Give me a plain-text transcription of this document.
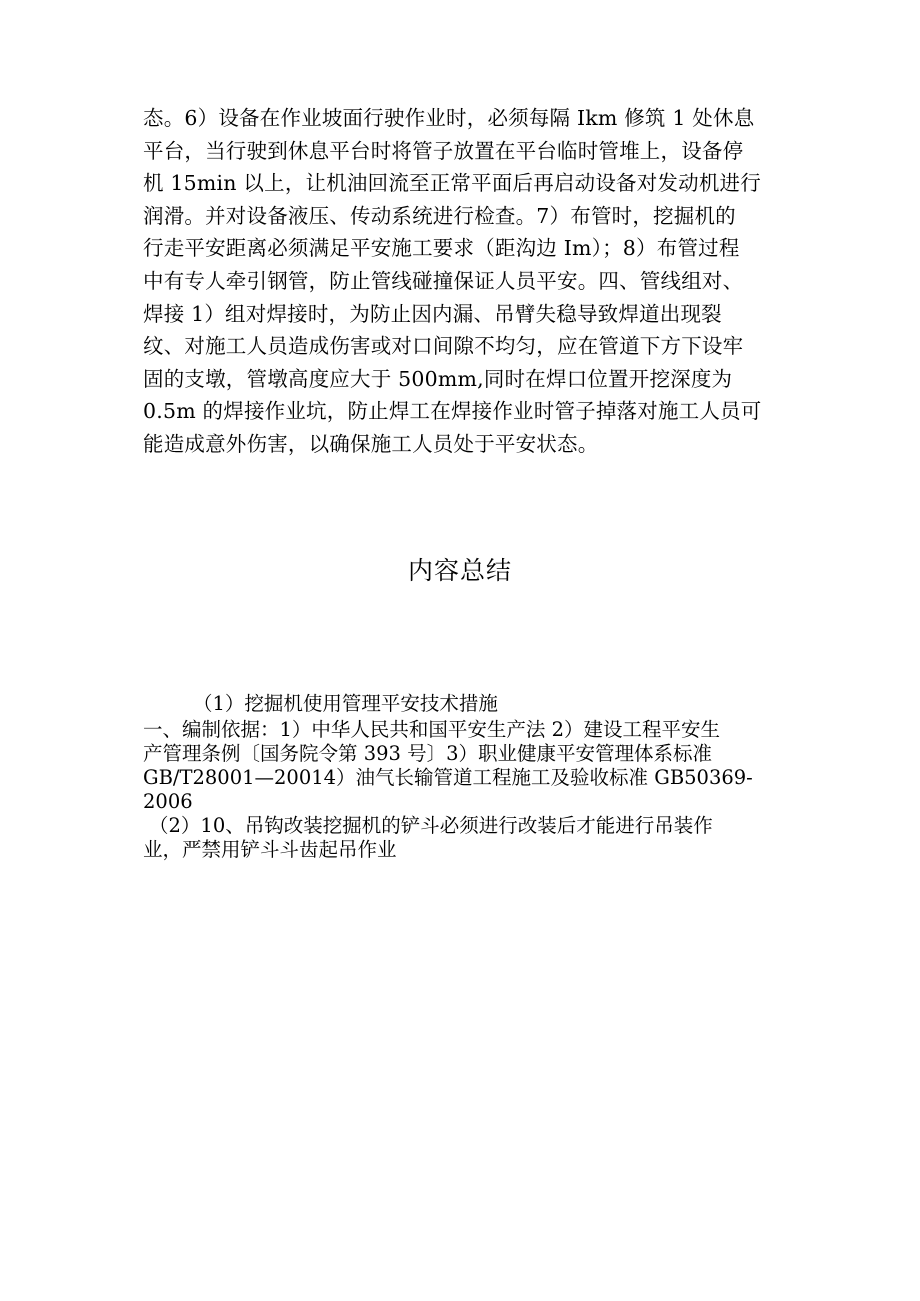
态。6）设备在作业坡面行驶作业时，必须每隔 Ikm 修筑 1 处休息
平台，当行驶到休息平台时将管子放置在平台临时管堆上，设备停
机 15min 以上，让机油回流至正常平面后再启动设备对发动机进行
润滑。并对设备液压、传动系统进行检查。7）布管时，挖掘机的
行走平安距离必须满足平安施工要求（距沟边 Im）；8）布管过程
中有专人牵引钢管，防止管线碰撞保证人员平安。四、管线组对、
焊接 1）组对焊接时，为防止因内漏、吊臂失稳导致焊道出现裂
纹、对施工人员造成伤害或对口间隙不均匀，应在管道下方下设牢
固的支墩，管墩高度应大于 500mm,同时在焊口位置开挖深度为
0.5m 的焊接作业坑，防止焊工在焊接作业时管子掉落对施工人员可
能造成意外伤害，以确保施工人员处于平安状态。
内容总结
（1）挖掘机使用管理平安技术措施
一、编制依据：1）中华人民共和国平安生产法 2）建设工程平安生
产管理条例〔国务院令第 393 号〕3）职业健康平安管理体系标准
GB/T28001—20014）油气长输管道工程施工及验收标准 GB50369-
2006
（2）10、吊钩改装挖掘机的铲斗必须进行改装后才能进行吊装作
业，严禁用铲斗斗齿起吊作业
